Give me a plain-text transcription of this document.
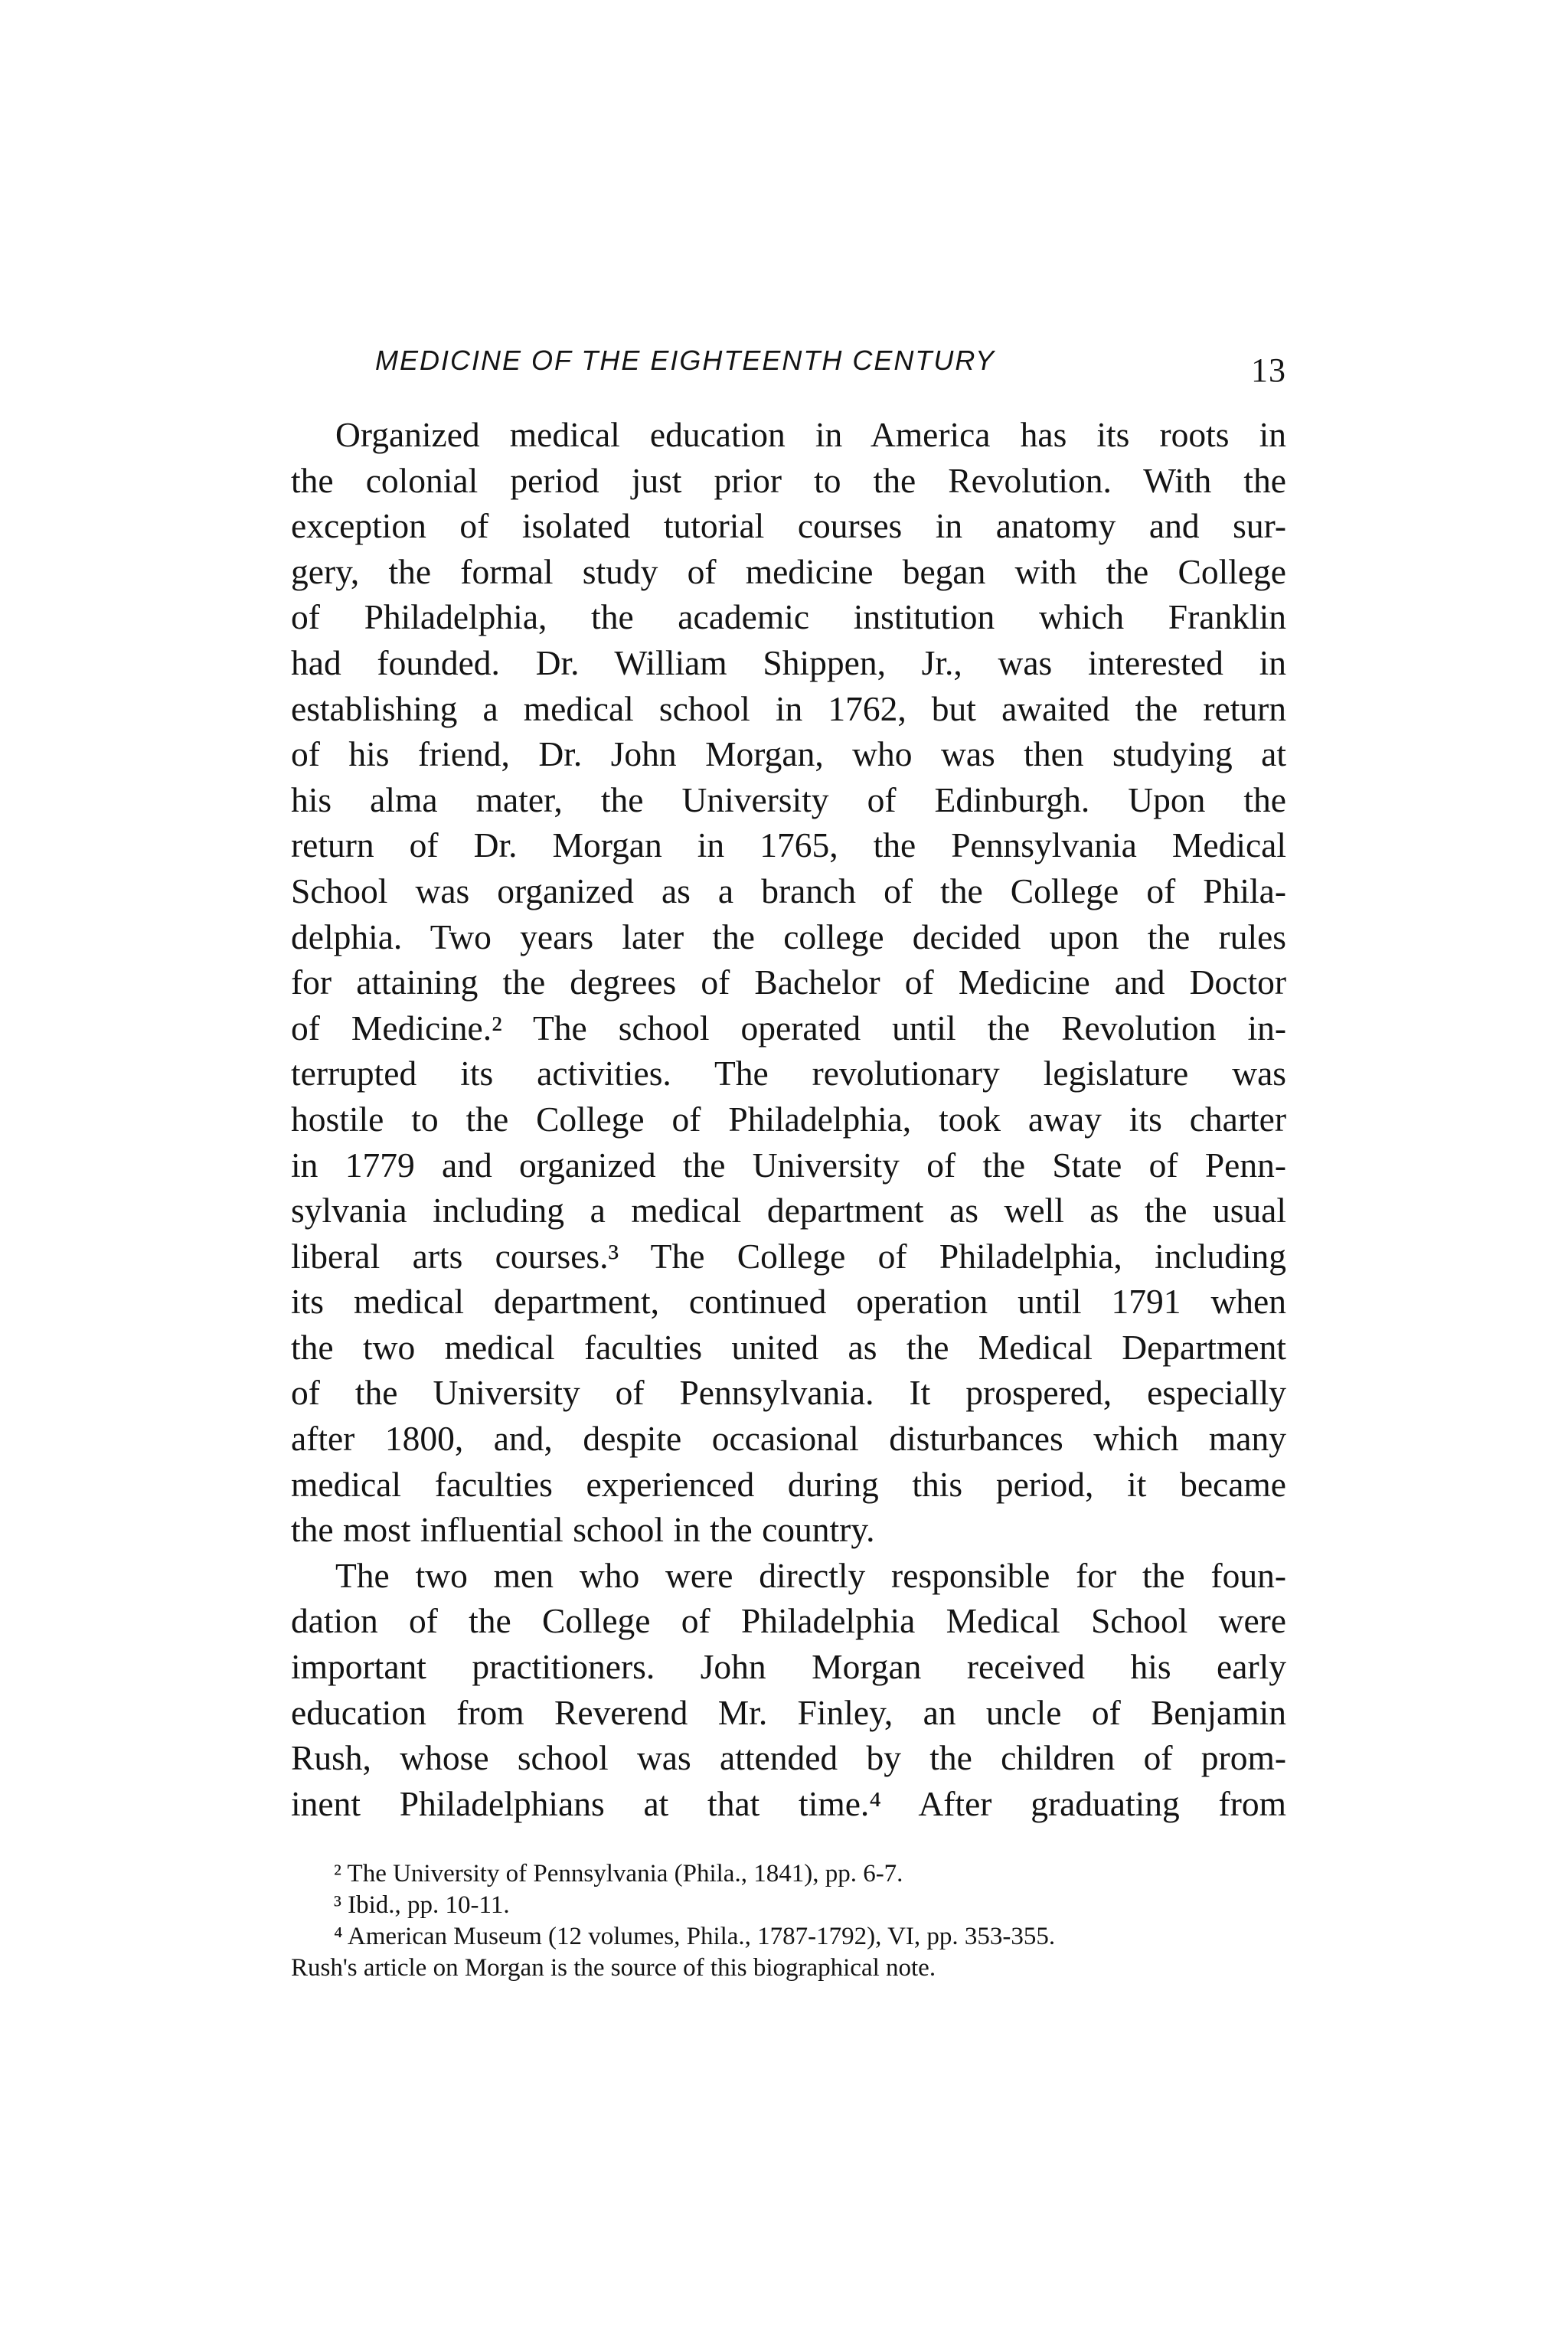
MEDICINE OF THE EIGHTEENTH CENTURY	13

Organized medical education in America has its roots in
the colonial period just prior to the Revolution. With the
exception of isolated tutorial courses in anatomy and sur-
gery, the formal study of medicine began with the College
of Philadelphia, the academic institution which Franklin
had founded. Dr. William Shippen, Jr., was interested in
establishing a medical school in 1762, but awaited the return
of his friend, Dr. John Morgan, who was then studying at
his alma mater, the University of Edinburgh. Upon the
return of Dr. Morgan in 1765, the Pennsylvania Medical
School was organized as a branch of the College of Phila-
delphia. Two years later the college decided upon the rules
for attaining the degrees of Bachelor of Medicine and Doctor
of Medicine.² The school operated until the Revolution in-
terrupted its activities. The revolutionary legislature was
hostile to the College of Philadelphia, took away its charter
in 1779 and organized the University of the State of Penn-
sylvania including a medical department as well as the usual
liberal arts courses.³ The College of Philadelphia, including
its medical department, continued operation until 1791 when
the two medical faculties united as the Medical Department
of the University of Pennsylvania. It prospered, especially
after 1800, and, despite occasional disturbances which many
medical faculties experienced during this period, it became
the most influential school in the country.

The two men who were directly responsible for the foun-
dation of the College of Philadelphia Medical School were
important practitioners. John Morgan received his early
education from Reverend Mr. Finley, an uncle of Benjamin
Rush, whose school was attended by the children of prom-
inent Philadelphians at that time.⁴ After graduating from

² The University of Pennsylvania (Phila., 1841), pp. 6-7.
³ Ibid., pp. 10-11.
⁴ American Museum (12 volumes, Phila., 1787-1792), VI, pp. 353-355.
Rush's article on Morgan is the source of this biographical note.
